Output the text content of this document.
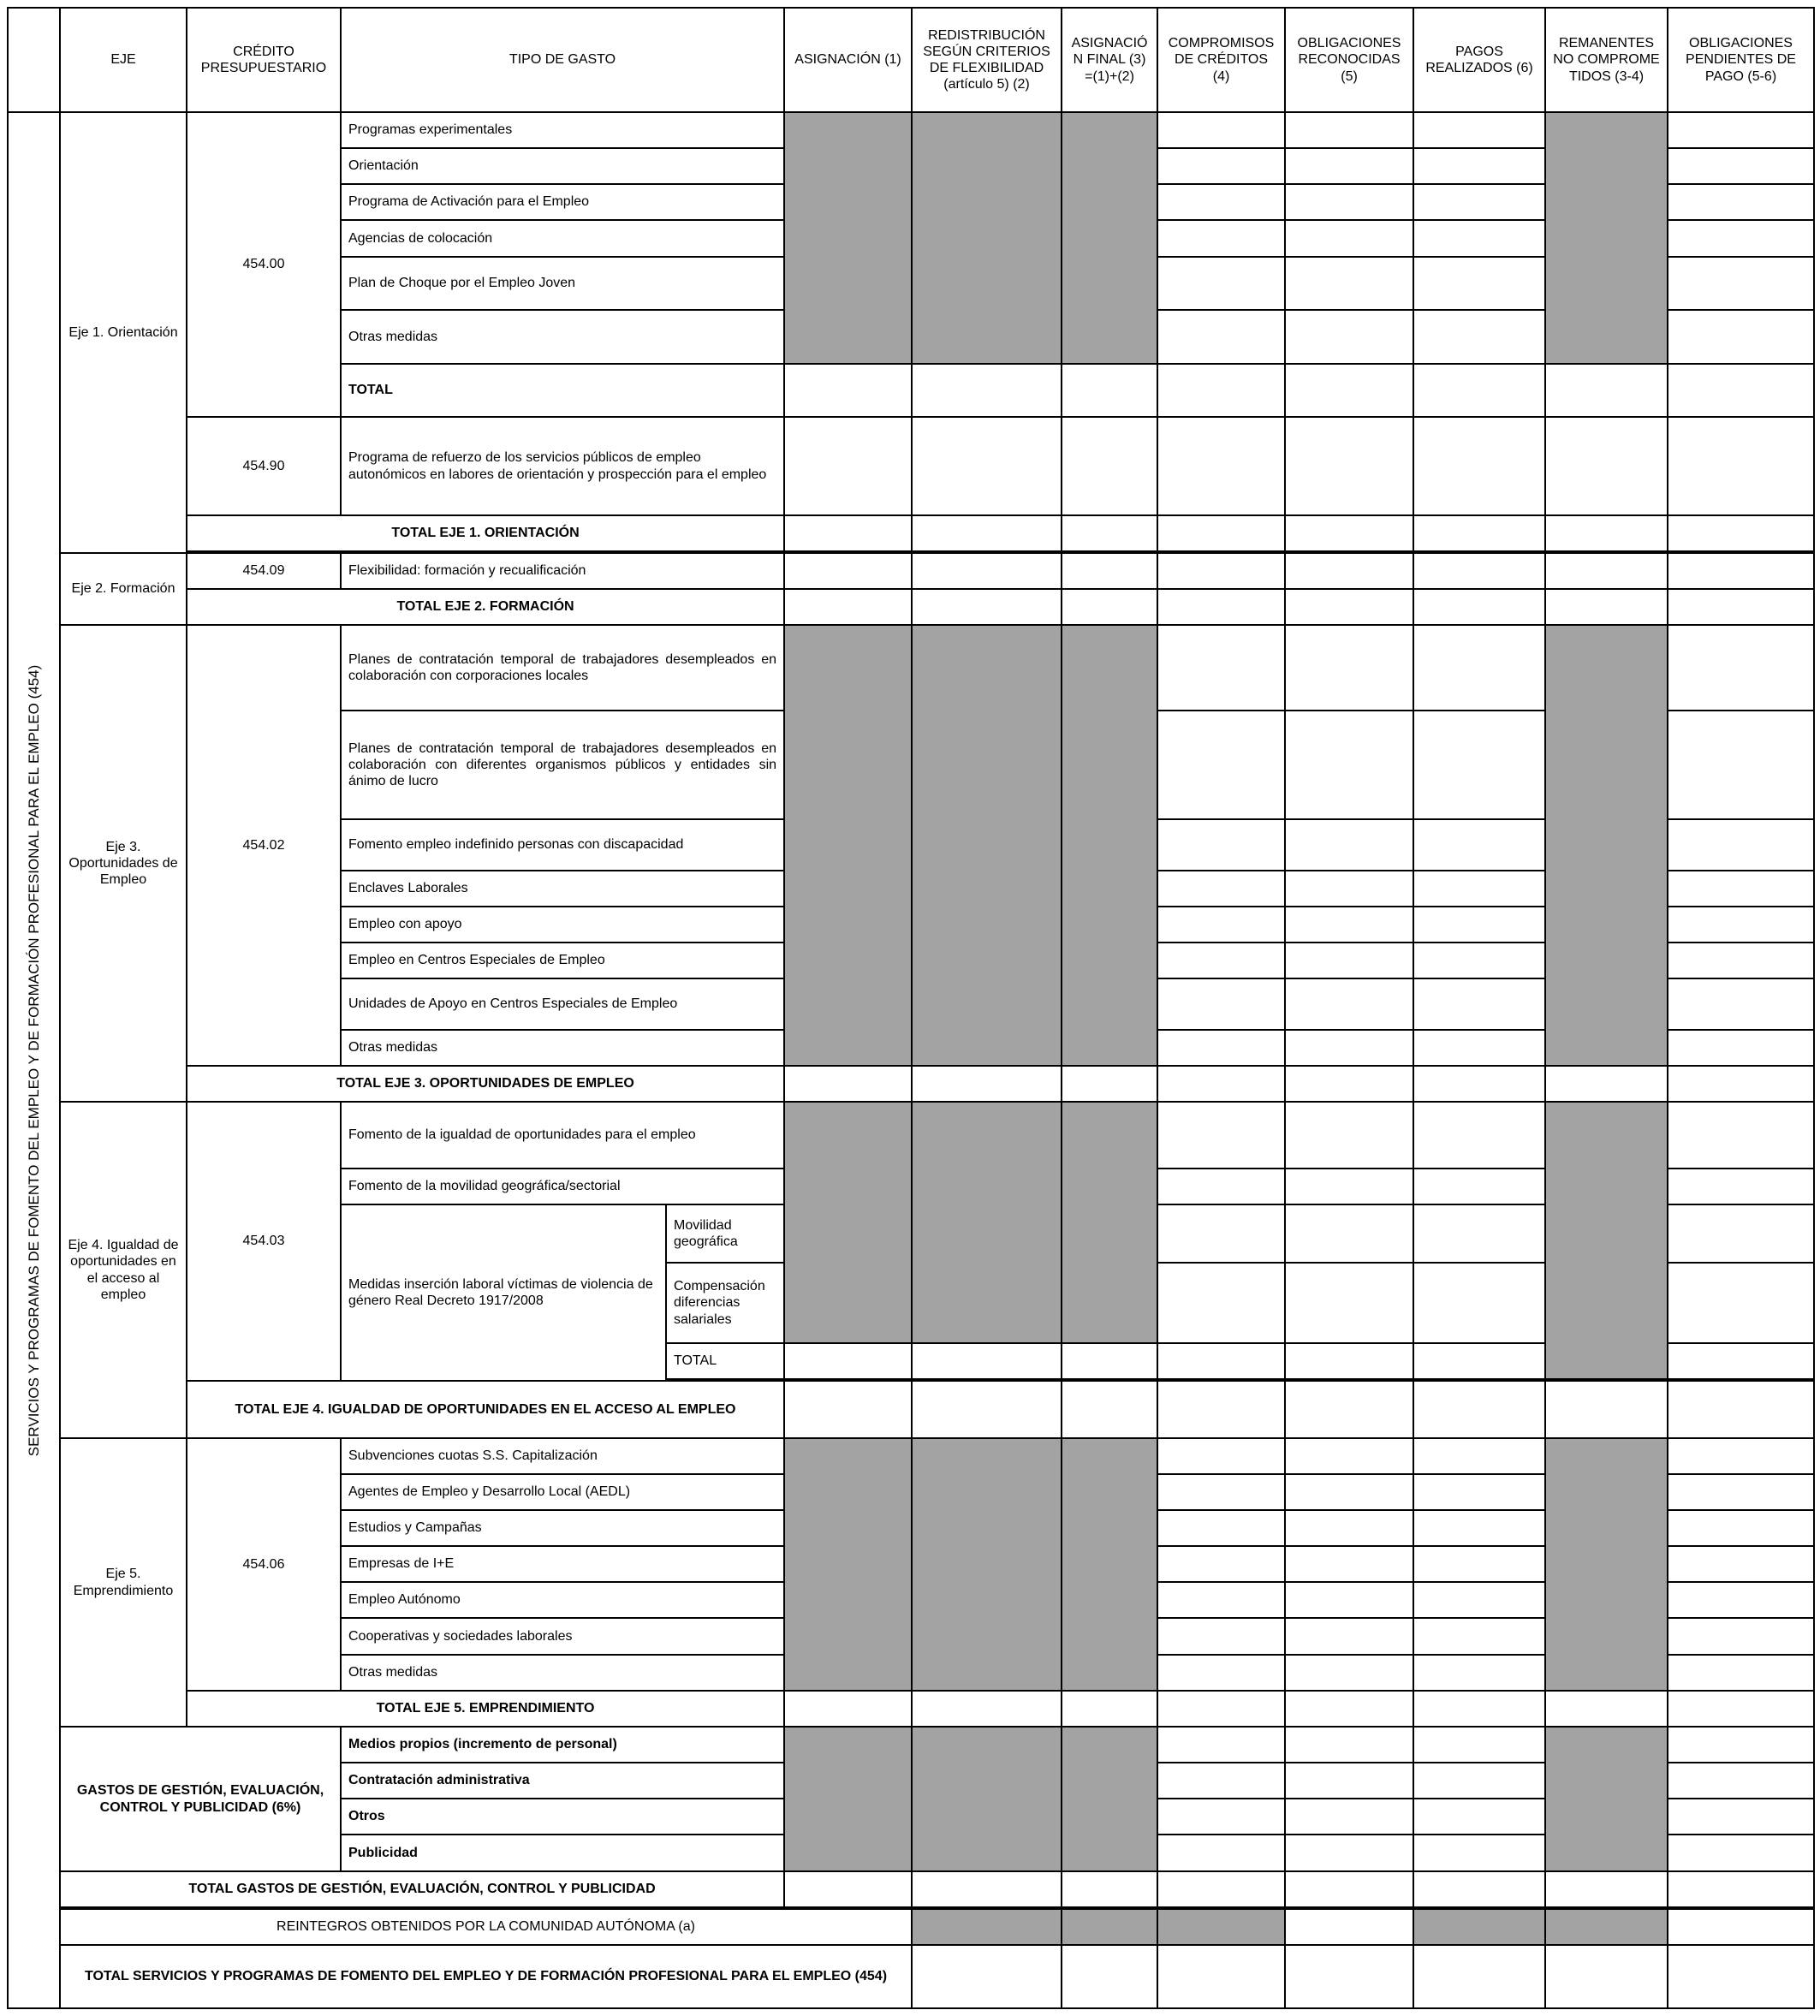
	EJE	CRÉDITO PRESUPUESTARIO	TIPO DE GASTO		ASIGNACIÓN (1)	REDISTRIBUCIÓN SEGÚN CRITERIOS DE FLEXIBILIDAD (artículo 5) (2)	ASIGNACIÓN FINAL (3)=(1)+(2)	COMPROMISOS DE CRÉDITOS (4)	OBLIGACIONES RECONOCIDAS (5)	PAGOS REALIZADOS (6)	REMANENTES NO COMPROMETIDOS (3-4)	OBLIGACIONES PENDIENTES DE PAGO (5-6)	

SERVICIOS Y PROGRAMAS DE FOMENTO DEL EMPLEO Y DE FORMACIÓN PROFESIONAL PARA EL EMPLEO (454)	Eje 1. Orientación	454.00	Programas experimentales										
			Orientación										
			Programa de Activación para el Empleo										
			Agencias de colocación										
			Plan de Choque por el Empleo Joven										
			Otras medidas										
			TOTAL										
		454.90	Programa de refuerzo de los servicios públicos de empleo autonómicos en labores de orientación y prospección para el empleo										
		TOTAL EJE 1. ORIENTACIÓN											

	Eje 2. Formación	454.09	Flexibilidad: formación y recualificación										
		TOTAL EJE 2. FORMACIÓN											
	Eje 3. Oportunidades de Empleo	454.02	Planes de contratación temporal de trabajadores desempleados en colaboración con corporaciones locales										
			Planes de contratación temporal de trabajadores desempleados en colaboración con diferentes organismos públicos y entidades sin ánimo de lucro										
			Fomento empleo indefinido personas con discapacidad										
			Enclaves Laborales										
			Empleo con apoyo										
			Empleo en Centros Especiales de Empleo										
			Unidades de Apoyo en Centros Especiales de Empleo										
			Otras medidas										
		TOTAL EJE 3. OPORTUNIDADES DE EMPLEO											
	Eje 4. Igualdad de oportunidades en el acceso al empleo	454.03	Fomento de la igualdad de oportunidades para el empleo										
			Fomento de la movilidad geográfica/sectorial										
			Medidas inserción laboral víctimas de violencia de género Real Decreto 1917/2008	Movilidad geográfica									
				Compensación diferencias salariales									
				TOTAL									

		TOTAL EJE 4. IGUALDAD DE OPORTUNIDADES EN EL ACCESO AL EMPLEO											
	Eje 5. Emprendimiento	454.06	Subvenciones cuotas S.S. Capitalización										
			Agentes de Empleo y Desarrollo Local (AEDL)										
			Estudios y Campañas										
			Empresas de I+E										
			Empleo Autónomo										
			Cooperativas y sociedades laborales										
			Otras medidas										
		TOTAL EJE 5. EMPRENDIMIENTO											
	GASTOS DE GESTIÓN, EVALUACIÓN, CONTROL Y PUBLICIDAD (6%)		Medios propios (incremento de personal)										
			Contratación administrativa										
			Otros										
			Publicidad										
	TOTAL GASTOS DE GESTIÓN, EVALUACIÓN, CONTROL Y PUBLICIDAD												

	REINTEGROS OBTENIDOS POR LA COMUNIDAD AUTÓNOMA (a)												
	TOTAL SERVICIOS Y PROGRAMAS DE FOMENTO DEL EMPLEO Y DE FORMACIÓN PROFESIONAL PARA EL EMPLEO (454)												
